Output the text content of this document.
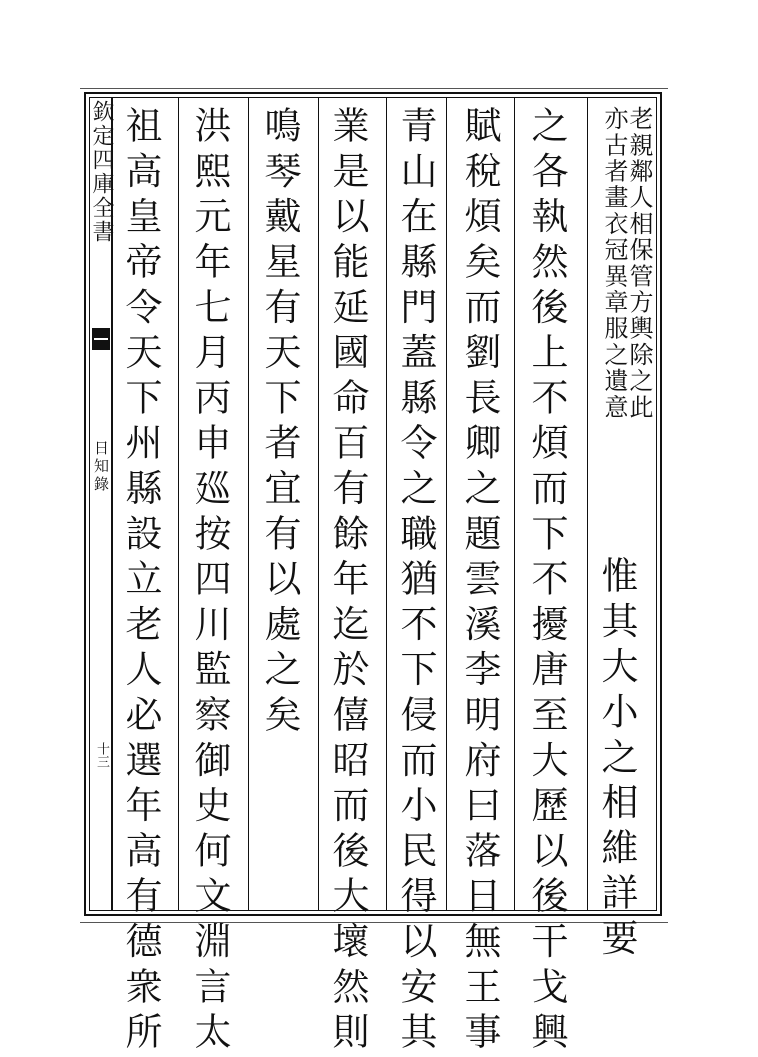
欽定四庫全書
日知錄
十三
老親鄰人相保管方輿除之此
亦古者畫衣冠異章服之遺意
惟其大小之相維詳要
之各執然後上不煩而下不擾唐至大歷以後干戈興
賦稅煩矣而劉長卿之題雲溪李明府曰落日無王事
青山在縣門蓋縣令之職猶不下侵而小民得以安其
業是以能延國命百有餘年迄於僖昭而後大壞然則
鳴琴戴星有天下者宜有以處之矣
洪熙元年七月丙申廵按四川監察御史何文淵言太
祖高皇帝令天下州縣設立老人必選年高有德衆所
